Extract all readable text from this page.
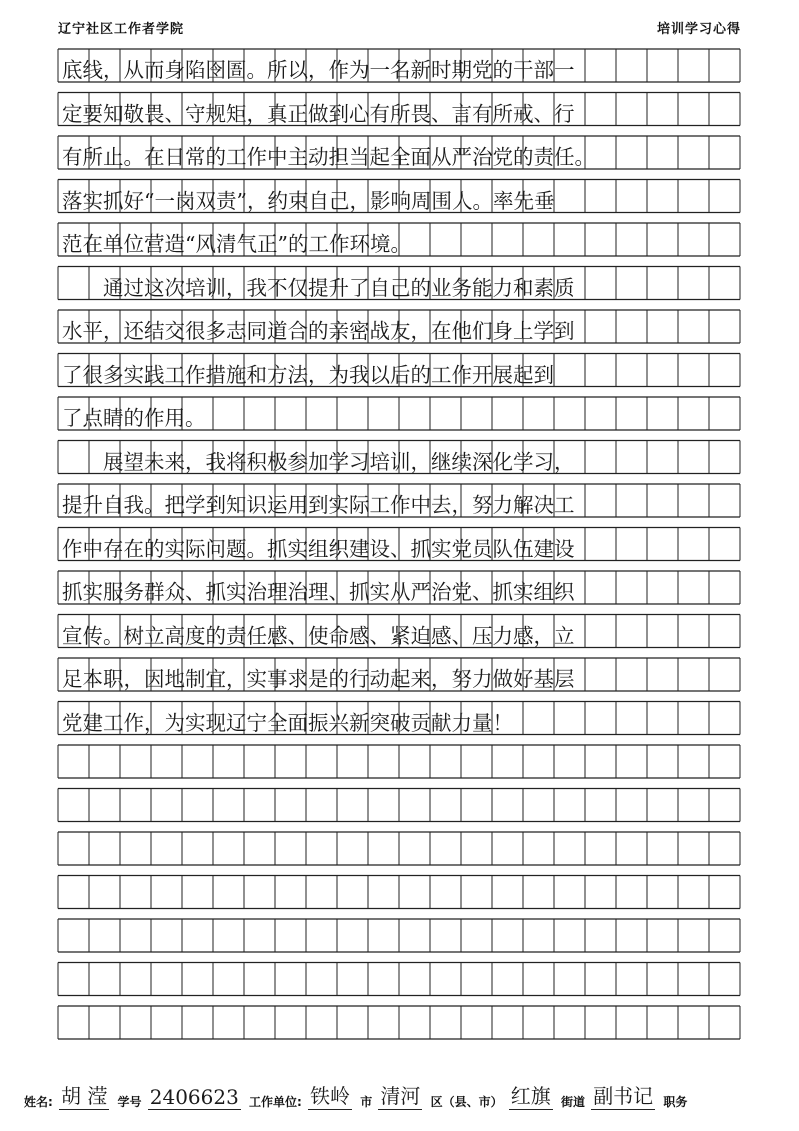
辽宁社区工作者学院	培训学习心得
底线，从而身陷囹圄。所以，作为一名新时期党的干部一
定要知敬畏、守规矩，真正做到心有所畏、言有所戒、行
有所止。在日常的工作中主动担当起全面从严治党的责任。
落实抓好“一岗双责”，约束自己，影响周围人。率先垂
范在单位营造“风清气正”的工作环境。
　　通过这次培训，我不仅提升了自己的业务能力和素质
水平，还结交很多志同道合的亲密战友，在他们身上学到
了很多实践工作措施和方法，为我以后的工作开展起到
了点睛的作用。
　　展望未来，我将积极参加学习培训，继续深化学习，
提升自我。把学到知识运用到实际工作中去，努力解决工
作中存在的实际问题。抓实组织建设、抓实党员队伍建设
抓实服务群众、抓实治理治理、抓实从严治党、抓实组织
宣传。树立高度的责任感、使命感、紧迫感、压力感，立
足本职，因地制宜，实事求是的行动起来，努力做好基层
党建工作，为实现辽宁全面振兴新突破贡献力量！
姓名: 胡 滢 学号 2406623 工作单位: 铁岭 市 清河 区（县、市） 红旗 街道 副书记 职务
